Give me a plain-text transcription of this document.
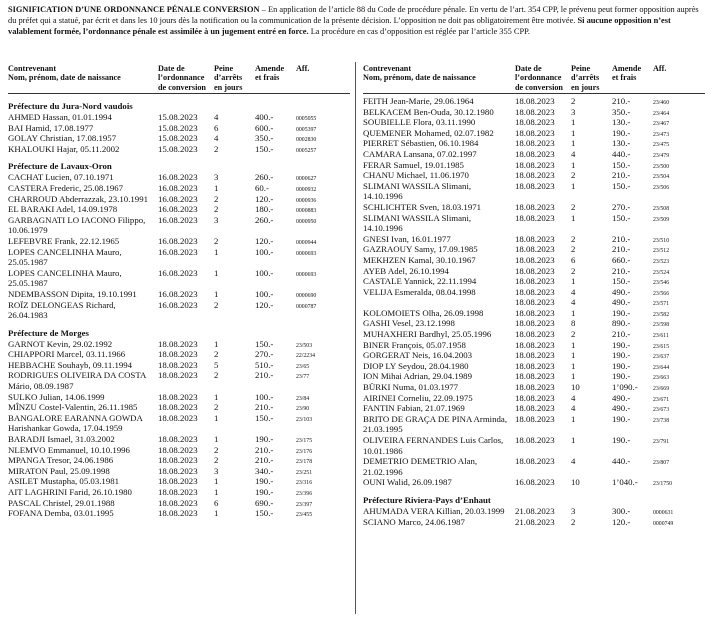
SIGNIFICATION D’UNE ORDONNANCE PÉNALE CONVERSION – En application de l’article 88 du Code de procédure pénale. En vertu de l’art. 354 CPP, le prévenu peut former opposition auprès du préfet qui a statué, par écrit et dans les 10 jours dès la notification ou la communication de la présente décision. L’opposition ne doit pas obligatoirement être motivée. Si aucune opposition n’est valablement formée, l’ordonnance pénale est assimilée à un jugement entré en force. La procédure en cas d’opposition est réglée par l’article 355 CPP.
Contrevenant
Nom, prénom, date de naissance
Date de
l’ordonnance
de conversion
Peine
d’arrêts
en jours
Amende
et frais
Aff.
Préfecture du Jura-Nord vaudois
AHMED Hassan, 01.01.1994	15.08.2023 4	400.-	0005055
BAI Hamid, 17.08.1977	15.08.2023 6	600.-	0005397
GOLAY Christian, 17.08.1957	15.08.2023 4	350.-	0002830
KHALOUKI Hajar, 05.11.2002	15.08.2023 2	150.-	0005257
Préfecture de Lavaux-Oron
CACHAT Lucien, 07.10.1971	16.08.2023 3	260.-	0000627
CASTERA Frederic, 25.08.1967	16.08.2023 1	60.-	0000932
CHARROUD Abderrazzak, 23.10.1991	16.08.2023 2	120.-	0000936
EL BARAKI Adel, 14.09.1978	16.08.2023 2	180.-	0000883
GARBAGNATI LO IACONO Filippo, 10.06.1979
16.08.2023 3	260.-	0000950
LEFEBVRE Frank, 22.12.1965	16.08.2023 2	120.-	0000944
LOPES CANCELINHA Mauro, 25.05.1987
16.08.2023 1	100.-	0000693
LOPES CANCELINHA Mauro, 25.05.1987
16.08.2023 1	100.-	0000693
NDEMBASSON Dipita, 19.10.1991	16.08.2023 1	100.-	0000690
ROÏZ DELONGEAS Richard, 26.04.1983
16.08.2023 2	120.-	0000787
Préfecture de Morges
GARNOT Kevin, 29.02.1992	18.08.2023 1	150.-	23/503
CHIAPPORI Marcel, 03.11.1966	18.08.2023 2	270.-	22/2234
HEBBACHE Souhayb, 09.11.1994	18.08.2023 5	510.-	23/65
RODRIGUES OLIVEIRA DA COSTA Mário, 08.09.1987
18.08.2023 2	210.-	23/77
SULKO Julian, 14.06.1999	18.08.2023 1	100.-	23/84
MÎNZU Costel-Valentin, 26.11.1985	18.08.2023 2	210.-	23/90
BANGALORE EARANNA GOWDA Harishankar Gowda, 17.04.1959
18.08.2023 1	150.-	23/103
BARADJI Ismael, 31.03.2002	18.08.2023 1	190.-	23/175
NLEMVO Emmanuel, 10.10.1996	18.08.2023 2	210.-	23/176
MPANGA Tresor, 24.06.1986	18.08.2023 2	210.-	23/178
MIRATON Paul, 25.09.1998	18.08.2023 3	340.-	23/251
ASILET Mustapha, 05.03.1981	18.08.2023 1	190.-	23/316
AIT LAGHRINI Farid, 26.10.1980	18.08.2023 1	190.-	23/396
PASCAL Christel, 29.01.1988	18.08.2023 6	690.-	23/397
FOFANA Demba, 03.01.1995	18.08.2023 1	150.-	23/455
Contrevenant
Nom, prénom, date de naissance
Date de
l’ordonnance
de conversion
Peine
d’arrêts
en jours
Amende
et frais
Aff.
FEITH Jean-Marie, 29.06.1964	18.08.2023 2	210.-	23/460
BELKACEM Ben-Ouda, 30.12.1980	18.08.2023 3	350.-	23/464
SOUBIELLE Flora, 03.11.1990	18.08.2023 1	130.-	23/467
QUEMENER Mohamed, 02.07.1982	18.08.2023 1	190.-	23/473
PIERRET Sébastien, 06.10.1984	18.08.2023 1	130.-	23/475
CAMARA Lansana, 07.02.1997	18.08.2023 4	440.-	23/479
FERAR Samuel, 19.01.1985	18.08.2023 1	150.-	23/500
CHANU Michael, 11.06.1970	18.08.2023 2	210.-	23/504
SLIMANI WASSILA Slimani, 14.10.1996
18.08.2023 1	150.-	23/506
SCHLICHTER Sven, 18.03.1971	18.08.2023 2	270.-	23/508
SLIMANI WASSILA Slimani, 14.10.1996
18.08.2023 1	150.-	23/509
GNESI Ivan, 16.01.1977	18.08.2023 2	210.-	23/510
GAZRAOUY Samy, 17.09.1985	18.08.2023 2	210.-	23/512
MEKHZEN Kamal, 30.10.1967	18.08.2023 6	660.-	23/523
AYEB Adel, 26.10.1994	18.08.2023 2	210.-	23/524
CASTALE Yannick, 22.11.1994	18.08.2023 1	150.-	23/546
VELIJA Esmeralda, 08.04.1998	18.08.2023 4	490.-	23/566
18.08.2023 4	490.-	23/571
KOLOMOIETS Olha, 26.09.1998	18.08.2023 1	190.-	23/582
GASHI Vesel, 23.12.1998	18.08.2023 8	890.-	23/598
MUHAXHERI Bardhyl, 25.05.1996	18.08.2023 2	210.-	23/611
BINER François, 05.07.1958	18.08.2023 1	190.-	23/615
GORGERAT Neis, 16.04.2003	18.08.2023 1	190.-	23/637
DIOP LY Seydou, 28.04.1980	18.08.2023 1	190.-	23/644
ION Mihai Adrian, 29.04.1989	18.08.2023 1	190.-	23/663
BÜRKI Numa, 01.03.1977	18.08.2023 10	1’090.-	23/669
AIRINEI Corneliu, 22.09.1975	18.08.2023 4	490.-	23/671
FANTIN Fabian, 21.07.1969	18.08.2023 4	490.-	23/673
BRITO DE GRAÇA DE PINA Arminda, 21.03.1995
18.08.2023 1	190.-	23/738
OLIVEIRA FERNANDES Luis Carlos, 10.01.1986
18.08.2023 1	190.-	23/791
DEMETRIO DEMETRIO Alan, 21.02.1996
18.08.2023 4	440.-	23/807
OUNI Walid, 26.09.1987	16.08.2023 10	1’040.-	23/1750
Préfecture Riviera-Pays d’Enhaut
AHUMADA VERA Killian, 20.03.1999	21.08.2023 3	300.-	0000631
SCIANO Marco, 24.06.1987	21.08.2023 2	120.-	0000749
